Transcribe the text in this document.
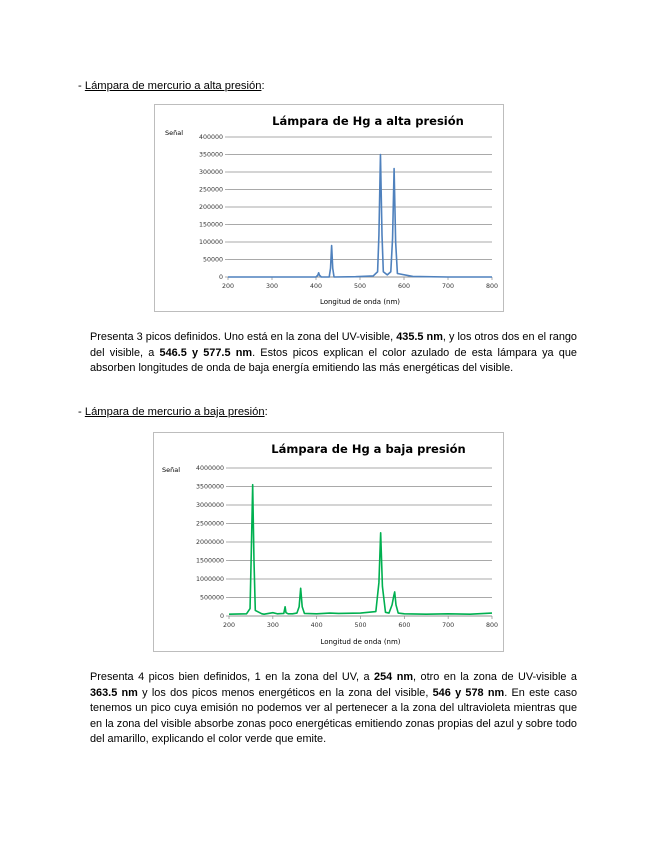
- Lámpara de mercurio a alta presión:
Lámpara de Hg a alta presión
Señal
0
50000
100000
150000
200000
250000
300000
350000
400000
200	300	400	500	600	700	800
Longitud de onda (nm)
Presenta 3 picos definidos. Uno está en la zona del UV-visible, 435.5 nm, y los otros dos en el rango del visible, a 546.5 y 577.5 nm. Estos picos explican el color azulado de esta lámpara ya que absorben longitudes de onda de baja energía emitiendo las más energéticas del visible.
- Lámpara de mercurio a baja presión:
Lámpara de Hg a baja presión
Señal
0
500000
1000000
1500000
2000000
2500000
3000000
3500000
4000000
200	300	400	500	600	700	800
Longitud de onda (nm)
Presenta 4 picos bien definidos, 1 en la zona del UV, a 254 nm, otro en la zona de UV-visible a 363.5 nm y los dos picos menos energéticos en la zona del visible, 546 y 578 nm. En este caso tenemos un pico cuya emisión no podemos ver al pertenecer a la zona del ultravioleta mientras que en la zona del visible absorbe zonas poco energéticas emitiendo zonas propias del azul y sobre todo del amarillo, explicando el color verde que emite.
